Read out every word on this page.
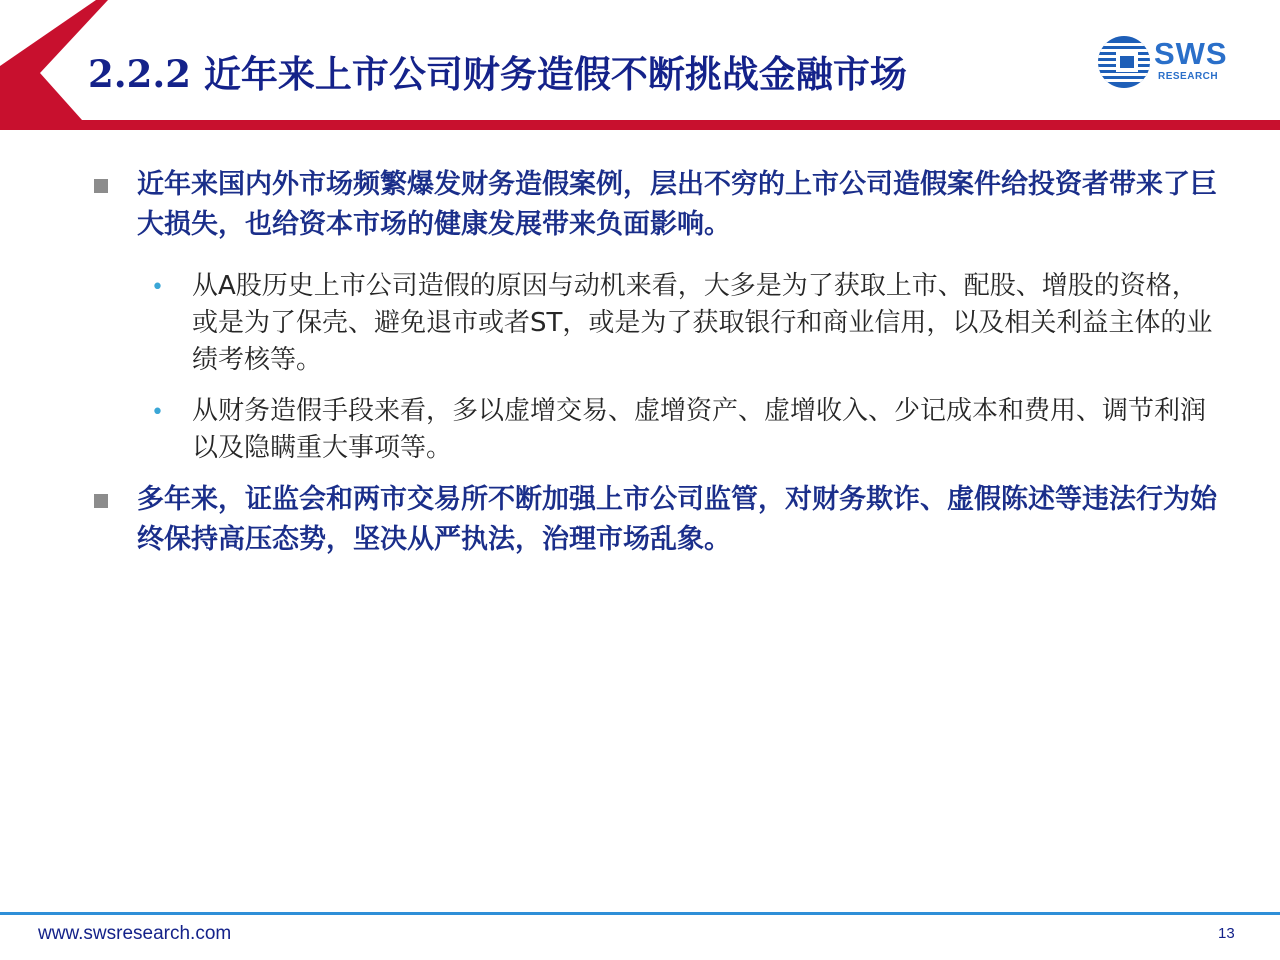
2.2.2 近年来上市公司财务造假不断挑战金融市场	SWS
RESEARCH
近年来国内外市场频繁爆发财务造假案例，层出不穷的上市公司造假案件给投资者带来了巨大损失，也给资本市场的健康发展带来负面影响。
• 从A股历史上市公司造假的原因与动机来看，大多是为了获取上市、配股、增股的资格，或是为了保壳、避免退市或者ST，或是为了获取银行和商业信用，以及相关利益主体的业绩考核等。
• 从财务造假手段来看，多以虚增交易、虚增资产、虚增收入、少记成本和费用、调节利润以及隐瞒重大事项等。
多年来，证监会和两市交易所不断加强上市公司监管，对财务欺诈、虚假陈述等违法行为始终保持高压态势，坚决从严执法，治理市场乱象。
www.swsresearch.com	13
